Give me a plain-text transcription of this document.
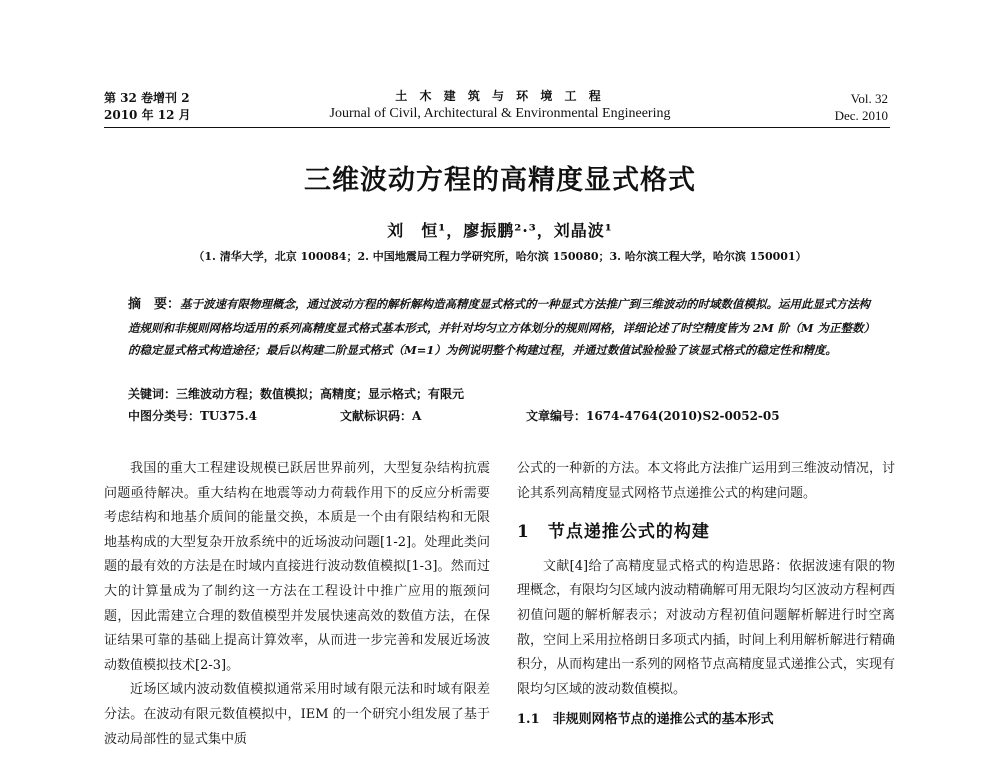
第 32 卷增刊 2
2010 年 12 月
土 木 建 筑 与 环 境 工 程
Journal of Civil, Architectural & Environmental Engineering
Vol. 32
Dec. 2010
三维波动方程的高精度显式格式
刘　恒¹，廖振鹏²·³，刘晶波¹
（1. 清华大学，北京 100084；2. 中国地震局工程力学研究所，哈尔滨 150080；3. 哈尔滨工程大学，哈尔滨 150001）
摘　要：基于波速有限物理概念，通过波动方程的解析解构造高精度显式格式的一种显式方法推广到三维波动的时域数值模拟。运用此显式方法构造规则和非规则网格均适用的系列高精度显式格式基本形式，并针对均匀立方体划分的规则网格，详细论述了时空精度皆为 2M 阶（M 为正整数）的稳定显式格式构造途径；最后以构建二阶显式格式（M=1）为例说明整个构建过程，并通过数值试验检验了该显式格式的稳定性和精度。
关键词：三维波动方程；数值模拟；高精度；显示格式；有限元
中图分类号：TU375.4	文献标识码：A	文章编号：1674-4764(2010)S2-0052-05

我国的重大工程建设规模已跃居世界前列，大型复杂结构抗震问题亟待解决。重大结构在地震等动力荷载作用下的反应分析需要考虑结构和地基介质间的能量交换，本质是一个由有限结构和无限地基构成的大型复杂开放系统中的近场波动问题[1-2]。处理此类问题的最有效的方法是在时域内直接进行波动数值模拟[1-3]。然而过大的计算量成为了制约这一方法在工程设计中推广应用的瓶颈问题，因此需建立合理的数值模型并发展快速高效的数值方法，在保证结果可靠的基础上提高计算效率，从而进一步完善和发展近场波动数值模拟技术[2-3]。

近场区域内波动数值模拟通常采用时域有限元法和时域有限差分法。在波动有限元数值模拟中，IEM 的一个研究小组发展了基于波动局部性的显式集中质

公式的一种新的方法。本文将此方法推广运用到三维波动情况，讨论其系列高精度显式网格节点递推公式的构建问题。

1　节点递推公式的构建

文献[4]给了高精度显式格式的构造思路：依据波速有限的物理概念，有限均匀区域内波动精确解可用无限均匀区波动方程柯西初值问题的解析解表示；对波动方程初值问题解析解进行时空离散，空间上采用拉格朗日多项式内插，时间上利用解析解进行精确积分，从而构建出一系列的网格节点高精度显式递推公式，实现有限均匀区域的波动数值模拟。

1.1　非规则网格节点的递推公式的基本形式
